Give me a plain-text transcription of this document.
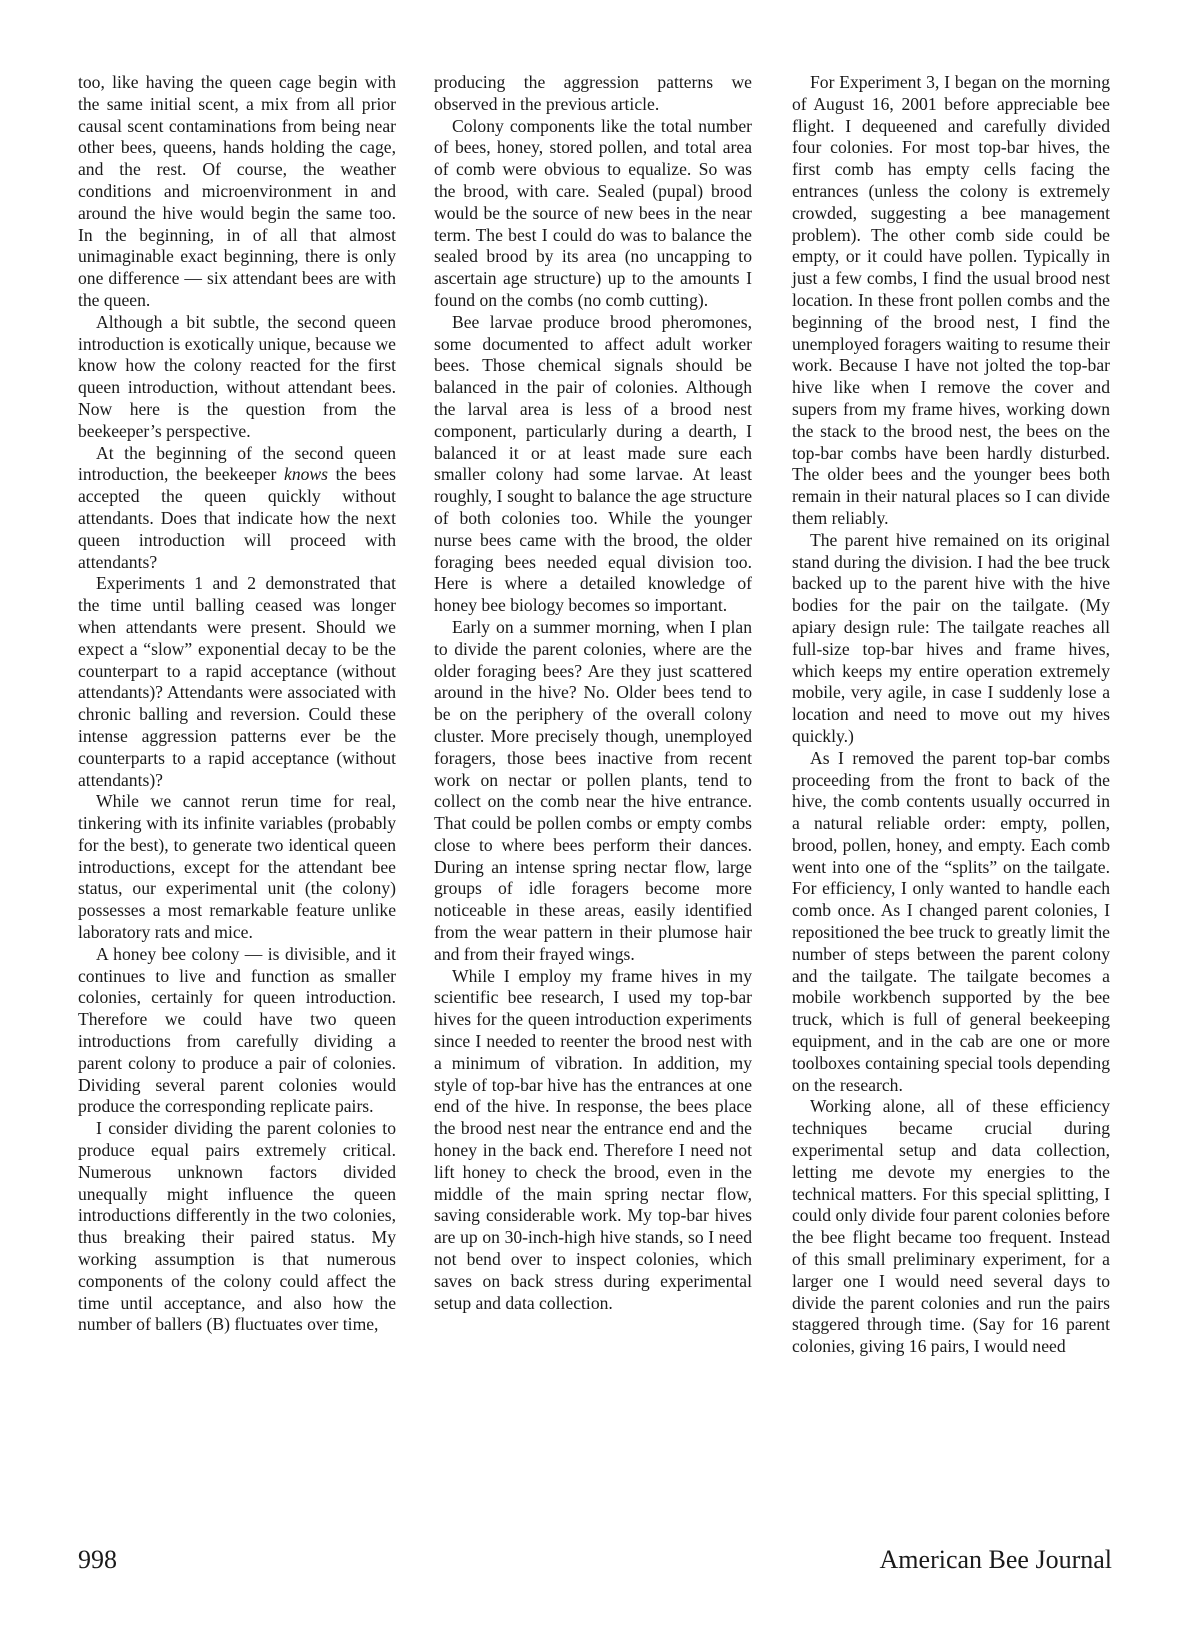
too, like having the queen cage begin with the same initial scent, a mix from all prior causal scent contaminations from being near other bees, queens, hands holding the cage, and the rest. Of course, the weather conditions and microenvironment in and around the hive would begin the same too. In the beginning, in of all that almost unimaginable exact beginning, there is only one difference — six attendant bees are with the queen.

Although a bit subtle, the second queen introduction is exotically unique, because we know how the colony reacted for the first queen introduction, without attendant bees. Now here is the question from the beekeeper’s perspective.

At the beginning of the second queen introduction, the beekeeper knows the bees accepted the queen quickly without attendants. Does that indicate how the next queen introduction will proceed with attendants?

Experiments 1 and 2 demonstrated that the time until balling ceased was longer when attendants were present. Should we expect a “slow” exponential decay to be the counterpart to a rapid acceptance (without attendants)? Attendants were associated with chronic balling and reversion. Could these intense aggression patterns ever be the counterparts to a rapid acceptance (without attendants)?

While we cannot rerun time for real, tinkering with its infinite variables (probably for the best), to generate two identical queen introductions, except for the attendant bee status, our experimental unit (the colony) possesses a most remarkable feature unlike laboratory rats and mice.

A honey bee colony — is divisible, and it continues to live and function as smaller colonies, certainly for queen introduction. Therefore we could have two queen introductions from carefully dividing a parent colony to produce a pair of colonies. Dividing several parent colonies would produce the corresponding replicate pairs.

I consider dividing the parent colonies to produce equal pairs extremely critical. Numerous unknown factors divided unequally might influence the queen introductions differently in the two colonies, thus breaking their paired status. My working assumption is that numerous components of the colony could affect the time until acceptance, and also how the number of ballers (B) fluctuates over time,

producing the aggression patterns we observed in the previous article.

Colony components like the total number of bees, honey, stored pollen, and total area of comb were obvious to equalize. So was the brood, with care. Sealed (pupal) brood would be the source of new bees in the near term. The best I could do was to balance the sealed brood by its area (no uncapping to ascertain age structure) up to the amounts I found on the combs (no comb cutting).

Bee larvae produce brood pheromones, some documented to affect adult worker bees. Those chemical signals should be balanced in the pair of colonies. Although the larval area is less of a brood nest component, particularly during a dearth, I balanced it or at least made sure each smaller colony had some larvae. At least roughly, I sought to balance the age structure of both colonies too. While the younger nurse bees came with the brood, the older foraging bees needed equal division too. Here is where a detailed knowledge of honey bee biology becomes so important.

Early on a summer morning, when I plan to divide the parent colonies, where are the older foraging bees? Are they just scattered around in the hive? No. Older bees tend to be on the periphery of the overall colony cluster. More precisely though, unemployed foragers, those bees inactive from recent work on nectar or pollen plants, tend to collect on the comb near the hive entrance. That could be pollen combs or empty combs close to where bees perform their dances. During an intense spring nectar flow, large groups of idle foragers become more noticeable in these areas, easily identified from the wear pattern in their plumose hair and from their frayed wings.

While I employ my frame hives in my scientific bee research, I used my top-bar hives for the queen introduction experiments since I needed to reenter the brood nest with a minimum of vibration. In addition, my style of top-bar hive has the entrances at one end of the hive. In response, the bees place the brood nest near the entrance end and the honey in the back end. Therefore I need not lift honey to check the brood, even in the middle of the main spring nectar flow, saving considerable work. My top-bar hives are up on 30-inch-high hive stands, so I need not bend over to inspect colonies, which saves on back stress during experimental setup and data collection.

For Experiment 3, I began on the morning of August 16, 2001 before appreciable bee flight. I dequeened and carefully divided four colonies. For most top-bar hives, the first comb has empty cells facing the entrances (unless the colony is extremely crowded, suggesting a bee management problem). The other comb side could be empty, or it could have pollen. Typically in just a few combs, I find the usual brood nest location. In these front pollen combs and the beginning of the brood nest, I find the unemployed foragers waiting to resume their work. Because I have not jolted the top-bar hive like when I remove the cover and supers from my frame hives, working down the stack to the brood nest, the bees on the top-bar combs have been hardly disturbed. The older bees and the younger bees both remain in their natural places so I can divide them reliably.

The parent hive remained on its original stand during the division. I had the bee truck backed up to the parent hive with the hive bodies for the pair on the tailgate. (My apiary design rule: The tailgate reaches all full-size top-bar hives and frame hives, which keeps my entire operation extremely mobile, very agile, in case I suddenly lose a location and need to move out my hives quickly.)

As I removed the parent top-bar combs proceeding from the front to back of the hive, the comb contents usually occurred in a natural reliable order: empty, pollen, brood, pollen, honey, and empty. Each comb went into one of the “splits” on the tailgate. For efficiency, I only wanted to handle each comb once. As I changed parent colonies, I repositioned the bee truck to greatly limit the number of steps between the parent colony and the tailgate. The tailgate becomes a mobile workbench supported by the bee truck, which is full of general beekeeping equipment, and in the cab are one or more toolboxes containing special tools depending on the research.

Working alone, all of these efficiency techniques became crucial during experimental setup and data collection, letting me devote my energies to the technical matters. For this special splitting, I could only divide four parent colonies before the bee flight became too frequent. Instead of this small preliminary experiment, for a larger one I would need several days to divide the parent colonies and run the pairs staggered through time. (Say for 16 parent colonies, giving 16 pairs, I would need

998	American Bee Journal
